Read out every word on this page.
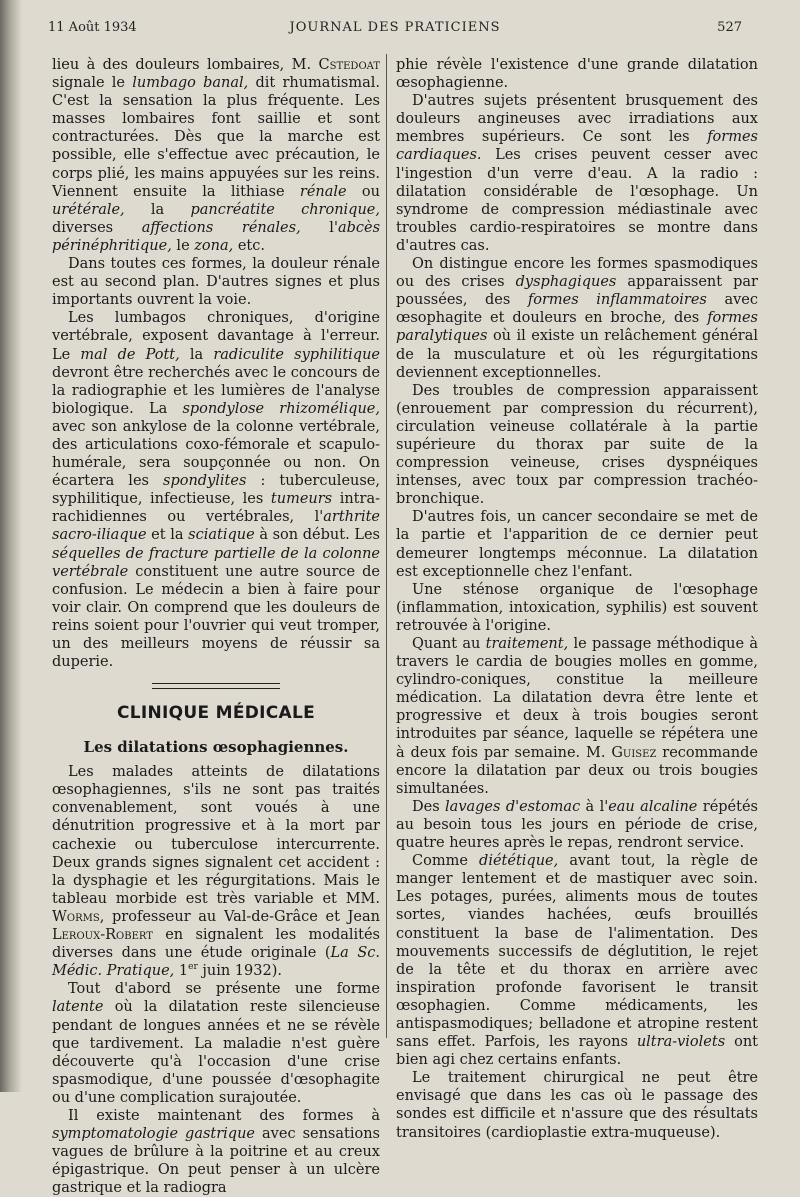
JOURNAL DES PRATICIENS
11 Août 1934	527

lieu à des douleurs lombaires, M. Cstedoat signale le lumbago banal, dit rhumatismal. C'est la sensation la plus fréquente. Les masses lombaires font saillie et sont contracturées. Dès que la marche est possible, elle s'effectue avec précaution, le corps plié, les mains appuyées sur les reins. Viennent ensuite la lithiase rénale ou urétérale, la pancréatite chronique, diverses affections rénales, l'abcès périnéphritique, le zona, etc.

Dans toutes ces formes, la douleur rénale est au second plan. D'autres signes et plus importants ouvrent la voie.

Les lumbagos chroniques, d'origine vertébrale, exposent davantage à l'erreur. Le mal de Pott, la radiculite syphilitique devront être recherchés avec le concours de la radiographie et les lumières de l'analyse biologique. La spondylose rhizomélique, avec son ankylose de la colonne vertébrale, des articulations coxo-fémorale et scapulo-humérale, sera soupçonnée ou non. On écartera les spondylites : tuberculeuse, syphilitique, infectieuse, les tumeurs intra-rachidiennes ou vertébrales, l'arthrite sacro-iliaque et la sciatique à son début. Les séquelles de fracture partielle de la colonne vertébrale constituent une autre source de confusion. Le médecin a bien à faire pour voir clair. On comprend que les douleurs de reins soient pour l'ouvrier qui veut tromper, un des meilleurs moyens de réussir sa duperie.

CLINIQUE MÉDICALE
Les dilatations œsophagiennes.

Les malades atteints de dilatations œsophagiennes, s'ils ne sont pas traités convenablement, sont voués à une dénutrition progressive et à la mort par cachexie ou tuberculose intercurrente. Deux grands signes signalent cet accident : la dysphagie et les régurgitations. Mais le tableau morbide est très variable et MM. Worms, professeur au Val-de-Grâce et Jean Leroux-Robert en signalent les modalités diverses dans une étude originale (La Sc. Médic. Pratique, 1er juin 1932).

Tout d'abord se présente une forme latente où la dilatation reste silencieuse pendant de longues années et ne se révèle que tardivement. La maladie n'est guère découverte qu'à l'occasion d'une crise spasmodique, d'une poussée d'œsophagite ou d'une complication surajoutée.

Il existe maintenant des formes à symptomatologie gastrique avec sensations vagues de brûlure à la poitrine et au creux épigastrique. On peut penser à un ulcère gastrique et la radiogra

phie révèle l'existence d'une grande dilatation œsophagienne.

D'autres sujets présentent brusquement des douleurs angineuses avec irradiations aux membres supérieurs. Ce sont les formes cardiaques. Les crises peuvent cesser avec l'ingestion d'un verre d'eau. A la radio : dilatation considérable de l'œsophage. Un syndrome de compression médiastinale avec troubles cardio-respiratoires se montre dans d'autres cas.

On distingue encore les formes spasmodiques ou des crises dysphagiques apparaissent par poussées, des formes inflammatoires avec œsophagite et douleurs en broche, des formes paralytiques où il existe un relâchement général de la musculature et où les régurgitations deviennent exceptionnelles.

Des troubles de compression apparaissent (enrouement par compression du récurrent), circulation veineuse collatérale à la partie supérieure du thorax par suite de la compression veineuse, crises dyspnéiques intenses, avec toux par compression trachéo-bronchique.

D'autres fois, un cancer secondaire se met de la partie et l'apparition de ce dernier peut demeurer longtemps méconnue. La dilatation est exceptionnelle chez l'enfant.

Une sténose organique de l'œsophage (inflammation, intoxication, syphilis) est souvent retrouvée à l'origine.

Quant au traitement, le passage méthodique à travers le cardia de bougies molles en gomme, cylindro-coniques, constitue la meilleure médication. La dilatation devra être lente et progressive et deux à trois bougies seront introduites par séance, laquelle se répétera une à deux fois par semaine. M. Guisez recommande encore la dilatation par deux ou trois bougies simultanées.

Des lavages d'estomac à l'eau alcaline répétés au besoin tous les jours en période de crise, quatre heures après le repas, rendront service.

Comme diététique, avant tout, la règle de manger lentement et de mastiquer avec soin. Les potages, purées, aliments mous de toutes sortes, viandes hachées, œufs brouillés constituent la base de l'alimentation. Des mouvements successifs de déglutition, le rejet de la tête et du thorax en arrière avec inspiration profonde favorisent le transit œsophagien. Comme médicaments, les antispasmodiques; belladone et atropine restent sans effet. Parfois, les rayons ultra-violets ont bien agi chez certains enfants.

Le traitement chirurgical ne peut être envisagé que dans les cas où le passage des sondes est difficile et n'assure que des résultats transitoires (cardioplastie extra-muqueuse).
